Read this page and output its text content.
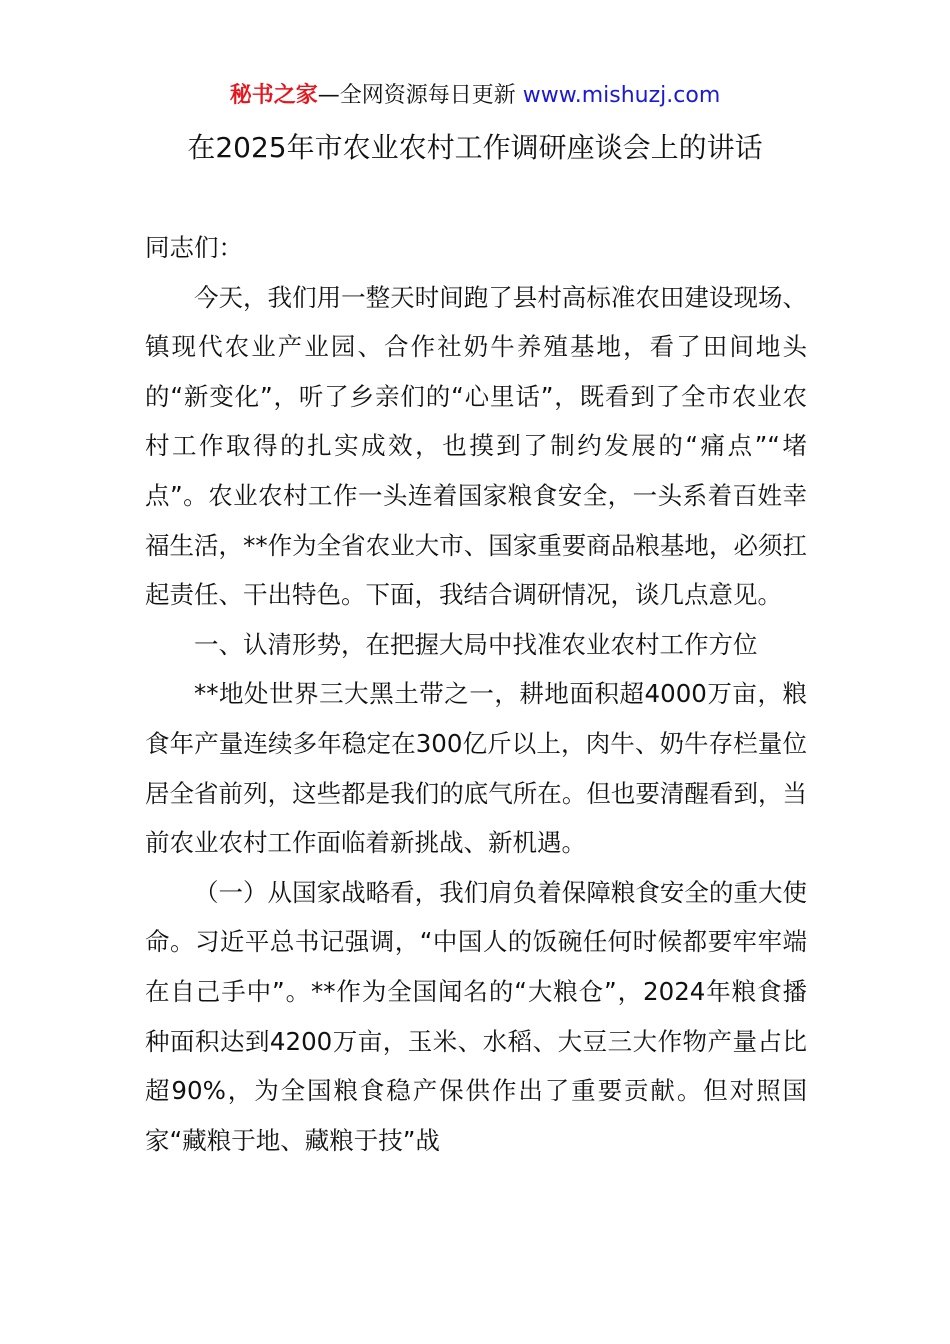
秘书之家—全网资源每日更新 www.mishuzj.com
在2025年市农业农村工作调研座谈会上的讲话

同志们：

今天，我们用一整天时间跑了县村高标准农田建设现场、镇现代农业产业园、合作社奶牛养殖基地，看了田间地头的“新变化”，听了乡亲们的“心里话”，既看到了全市农业农村工作取得的扎实成效，也摸到了制约发展的“痛点”“堵点”。农业农村工作一头连着国家粮食安全，一头系着百姓幸福生活，**作为全省农业大市、国家重要商品粮基地，必须扛起责任、干出特色。下面，我结合调研情况，谈几点意见。

一、认清形势，在把握大局中找准农业农村工作方位

**地处世界三大黑土带之一，耕地面积超4000万亩，粮食年产量连续多年稳定在300亿斤以上，肉牛、奶牛存栏量位居全省前列，这些都是我们的底气所在。但也要清醒看到，当前农业农村工作面临着新挑战、新机遇。

（一）从国家战略看，我们肩负着保障粮食安全的重大使命。习近平总书记强调，“中国人的饭碗任何时候都要牢牢端在自己手中”。**作为全国闻名的“大粮仓”，2024年粮食播种面积达到4200万亩，玉米、水稻、大豆三大作物产量占比超90%，为全国粮食稳产保供作出了重要贡献。但对照国家“藏粮于地、藏粮于技”战
